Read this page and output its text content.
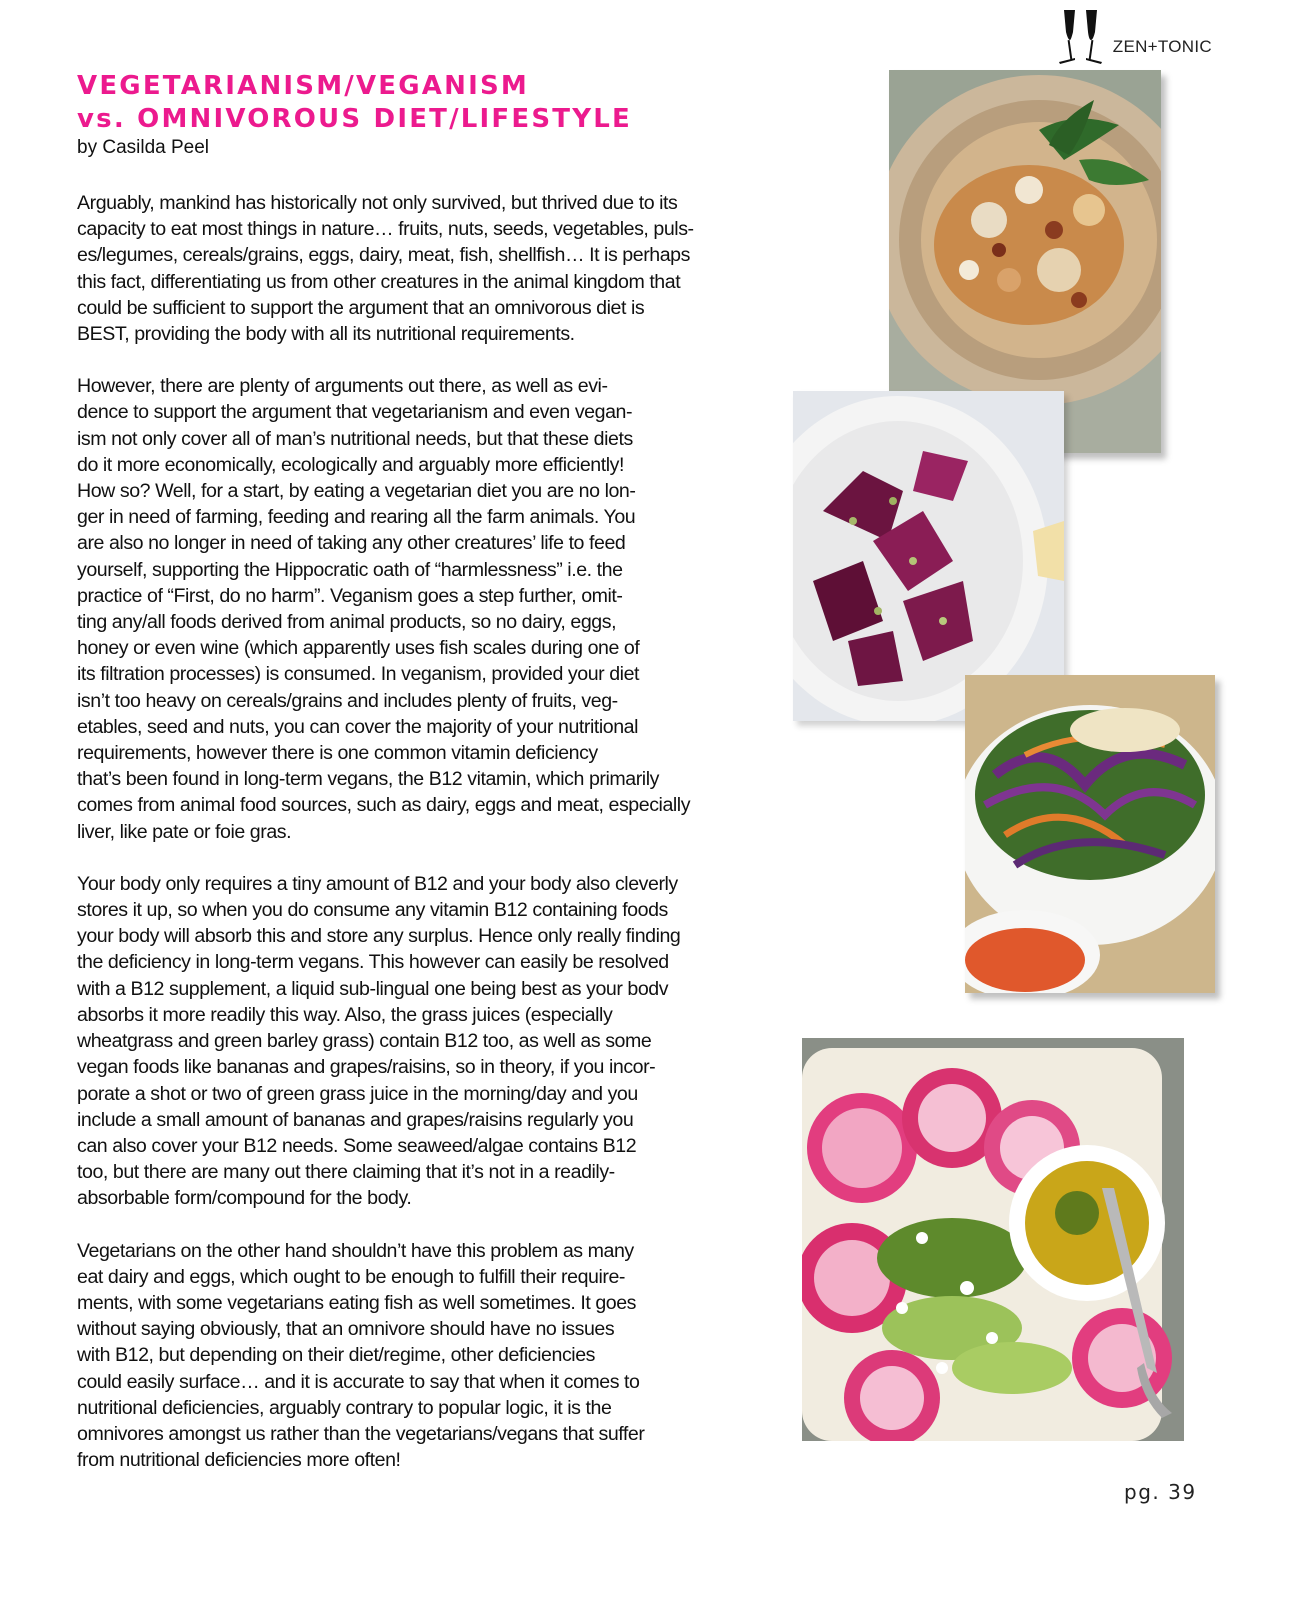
ZEN+TONIC
VEGETARIANISM/VEGANISM
vs. OMNIVOROUS DIET/LIFESTYLE
by Casilda Peel

Arguably, mankind has historically not only survived, but thrived due to its
capacity to eat most things in nature… fruits, nuts, seeds, vegetables, puls-
es/legumes, cereals/grains, eggs, dairy, meat, fish, shellfish… It is perhaps
this fact, differentiating us from other creatures in the animal kingdom that
could be sufficient to support the argument that an omnivorous diet is
BEST, providing the body with all its nutritional requirements.

However, there are plenty of arguments out there, as well as evi-
dence to support the argument that vegetarianism and even vegan-
ism not only cover all of man’s nutritional needs, but that these diets
do it more economically, ecologically and arguably more efficiently!
How so? Well, for a start, by eating a vegetarian diet you are no lon-
ger in need of farming, feeding and rearing all the farm animals. You
are also no longer in need of taking any other creatures’ life to feed
yourself, supporting the Hippocratic oath of “harmlessness” i.e. the
practice of “First, do no harm”. Veganism goes a step further, omit-
ting any/all foods derived from animal products, so no dairy, eggs,
honey or even wine (which apparently uses fish scales during one of
its filtration processes) is consumed. In veganism, provided your diet
isn’t too heavy on cereals/grains and includes plenty of fruits, veg-
etables, seed and nuts, you can cover the majority of your nutritional
requirements, however there is one common vitamin deficiency
that’s been found in long-term vegans, the B12 vitamin, which primarily
comes from animal food sources, such as dairy, eggs and meat, especially
liver, like pate or foie gras.

Your body only requires a tiny amount of B12 and your body also cleverly
stores it up, so when you do consume any vitamin B12 containing foods
your body will absorb this and store any surplus. Hence only really finding
the deficiency in long-term vegans. This however can easily be resolved
with a B12 supplement, a liquid sub-lingual one being best as your bodv
absorbs it more readily this way. Also, the grass juices (especially
wheatgrass and green barley grass) contain B12 too, as well as some
vegan foods like bananas and grapes/raisins, so in theory, if you incor-
porate a shot or two of green grass juice in the morning/day and you
include a small amount of bananas and grapes/raisins regularly you
can also cover your B12 needs. Some seaweed/algae contains B12
too, but there are many out there claiming that it’s not in a readily-
absorbable form/compound for the body.

Vegetarians on the other hand shouldn’t have this problem as many
eat dairy and eggs, which ought to be enough to fulfill their require-
ments, with some vegetarians eating fish as well sometimes. It goes
without saying obviously, that an omnivore should have no issues
with B12, but depending on their diet/regime, other deficiencies
could easily surface… and it is accurate to say that when it comes to
nutritional deficiencies, arguably contrary to popular logic, it is the
omnivores amongst us rather than the vegetarians/vegans that suffer
from nutritional deficiencies more often!

pg. 39
